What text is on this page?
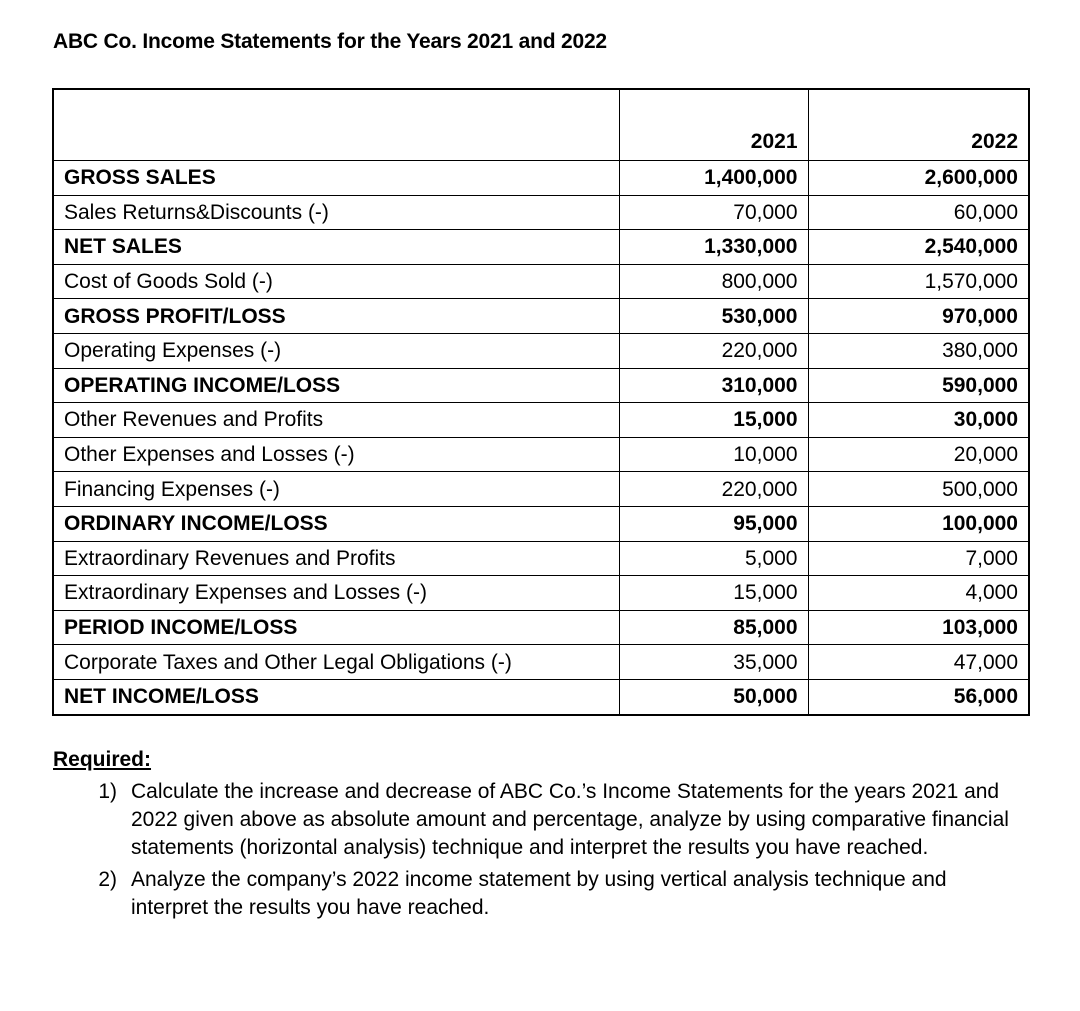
ABC Co. Income Statements for the Years 2021 and 2022
	2021	2022
GROSS SALES	1,400,000	2,600,000
Sales Returns&Discounts (-)	70,000	60,000
NET SALES	1,330,000	2,540,000
Cost of Goods Sold (-)	800,000	1,570,000
GROSS PROFIT/LOSS	530,000	970,000
Operating Expenses (-)	220,000	380,000
OPERATING INCOME/LOSS	310,000	590,000
Other Revenues and Profits	15,000	30,000
Other Expenses and Losses (-)	10,000	20,000
Financing Expenses (-)	220,000	500,000
ORDINARY INCOME/LOSS	95,000	100,000
Extraordinary Revenues and Profits	5,000	7,000
Extraordinary Expenses and Losses (-)	15,000	4,000
PERIOD INCOME/LOSS	85,000	103,000
Corporate Taxes and Other Legal Obligations (-)	35,000	47,000
NET INCOME/LOSS	50,000	56,000
Required:
1) Calculate the increase and decrease of ABC Co.’s Income Statements for the years 2021 and 2022 given above as absolute amount and percentage, analyze by using comparative financial statements (horizontal analysis) technique and interpret the results you have reached.
2) Analyze the company’s 2022 income statement by using vertical analysis technique and interpret the results you have reached.
